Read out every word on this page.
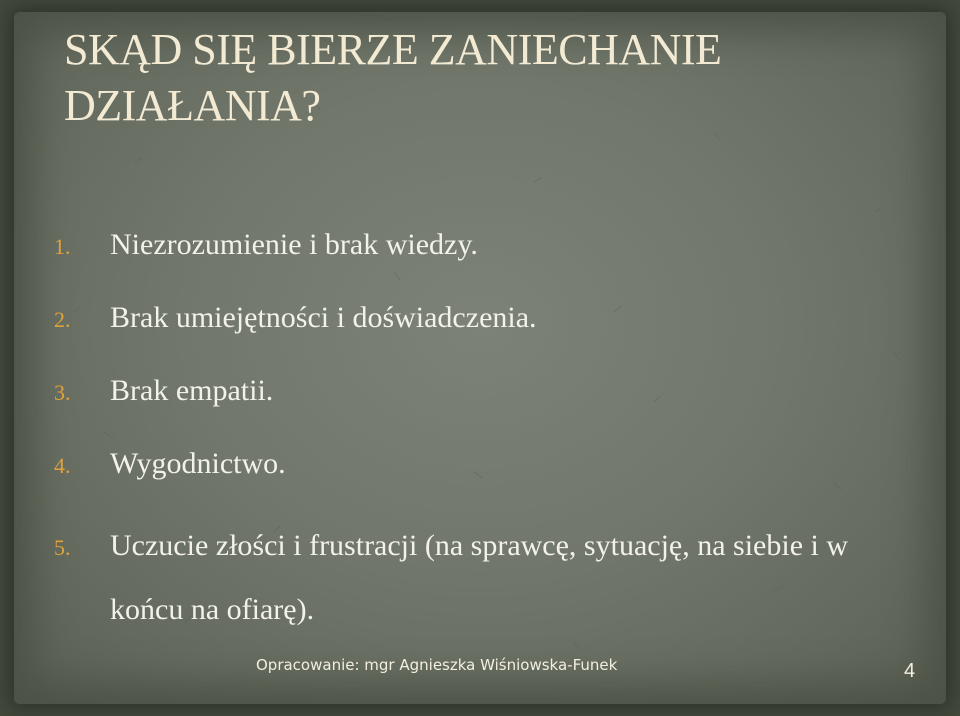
SKĄD SIĘ BIERZE ZANIECHANIE DZIAŁANIA?
1.	Niezrozumienie i brak wiedzy.
2.	Brak umiejętności i doświadczenia.
3.	Brak empatii.
4.	Wygodnictwo.
5.	Uczucie złości i frustracji (na sprawcę, sytuację, na siebie i w końcu na ofiarę).
Opracowanie: mgr Agnieszka Wiśniowska-Funek	4
